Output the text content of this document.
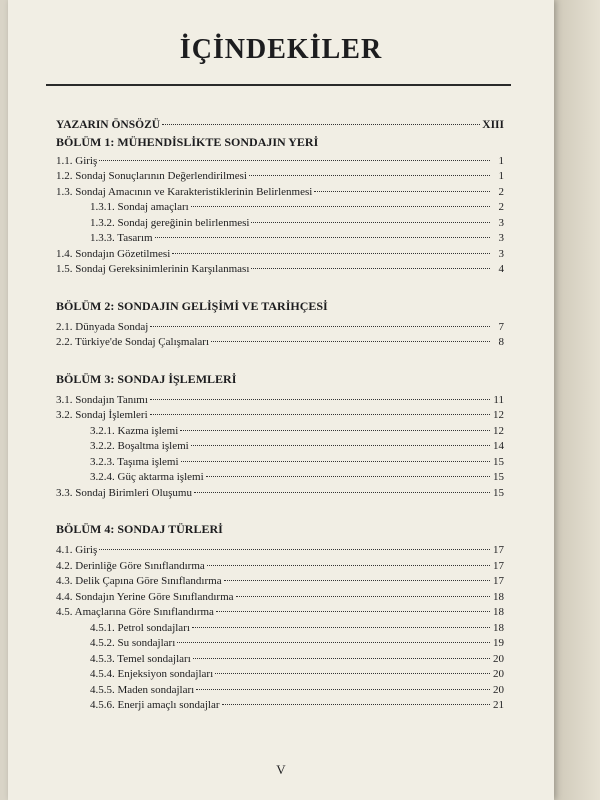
İÇİNDEKİLER
YAZARIN ÖNSÖZÜ	XIII
BÖLÜM 1: MÜHENDİSLİKTE SONDAJIN YERİ
1.1. Giriş	1
1.2. Sondaj Sonuçlarının Değerlendirilmesi	1
1.3. Sondaj Amacının ve Karakteristiklerinin Belirlenmesi	2
1.3.1. Sondaj amaçları	2
1.3.2. Sondaj gereğinin belirlenmesi	3
1.3.3. Tasarım	3
1.4. Sondajın Gözetilmesi	3
1.5. Sondaj Gereksinimlerinin Karşılanması	4
BÖLÜM 2: SONDAJIN GELİŞİMİ VE TARİHÇESİ
2.1. Dünyada Sondaj	7
2.2. Türkiye'de Sondaj Çalışmaları	8
BÖLÜM 3: SONDAJ İŞLEMLERİ
3.1. Sondajın Tanımı	11
3.2. Sondaj İşlemleri	12
3.2.1. Kazma işlemi	12
3.2.2. Boşaltma işlemi	14
3.2.3. Taşıma işlemi	15
3.2.4. Güç aktarma işlemi	15
3.3. Sondaj Birimleri Oluşumu	15
BÖLÜM 4: SONDAJ TÜRLERİ
4.1. Giriş	17
4.2. Derinliğe Göre Sınıflandırma	17
4.3. Delik Çapına Göre Sınıflandırma	17
4.4. Sondajın Yerine Göre Sınıflandırma	18
4.5. Amaçlarına Göre Sınıflandırma	18
4.5.1. Petrol sondajları	18
4.5.2. Su sondajları	19
4.5.3. Temel sondajları	20
4.5.4. Enjeksiyon sondajları	20
4.5.5. Maden sondajları	20
4.5.6. Enerji amaçlı sondajlar	21
V
